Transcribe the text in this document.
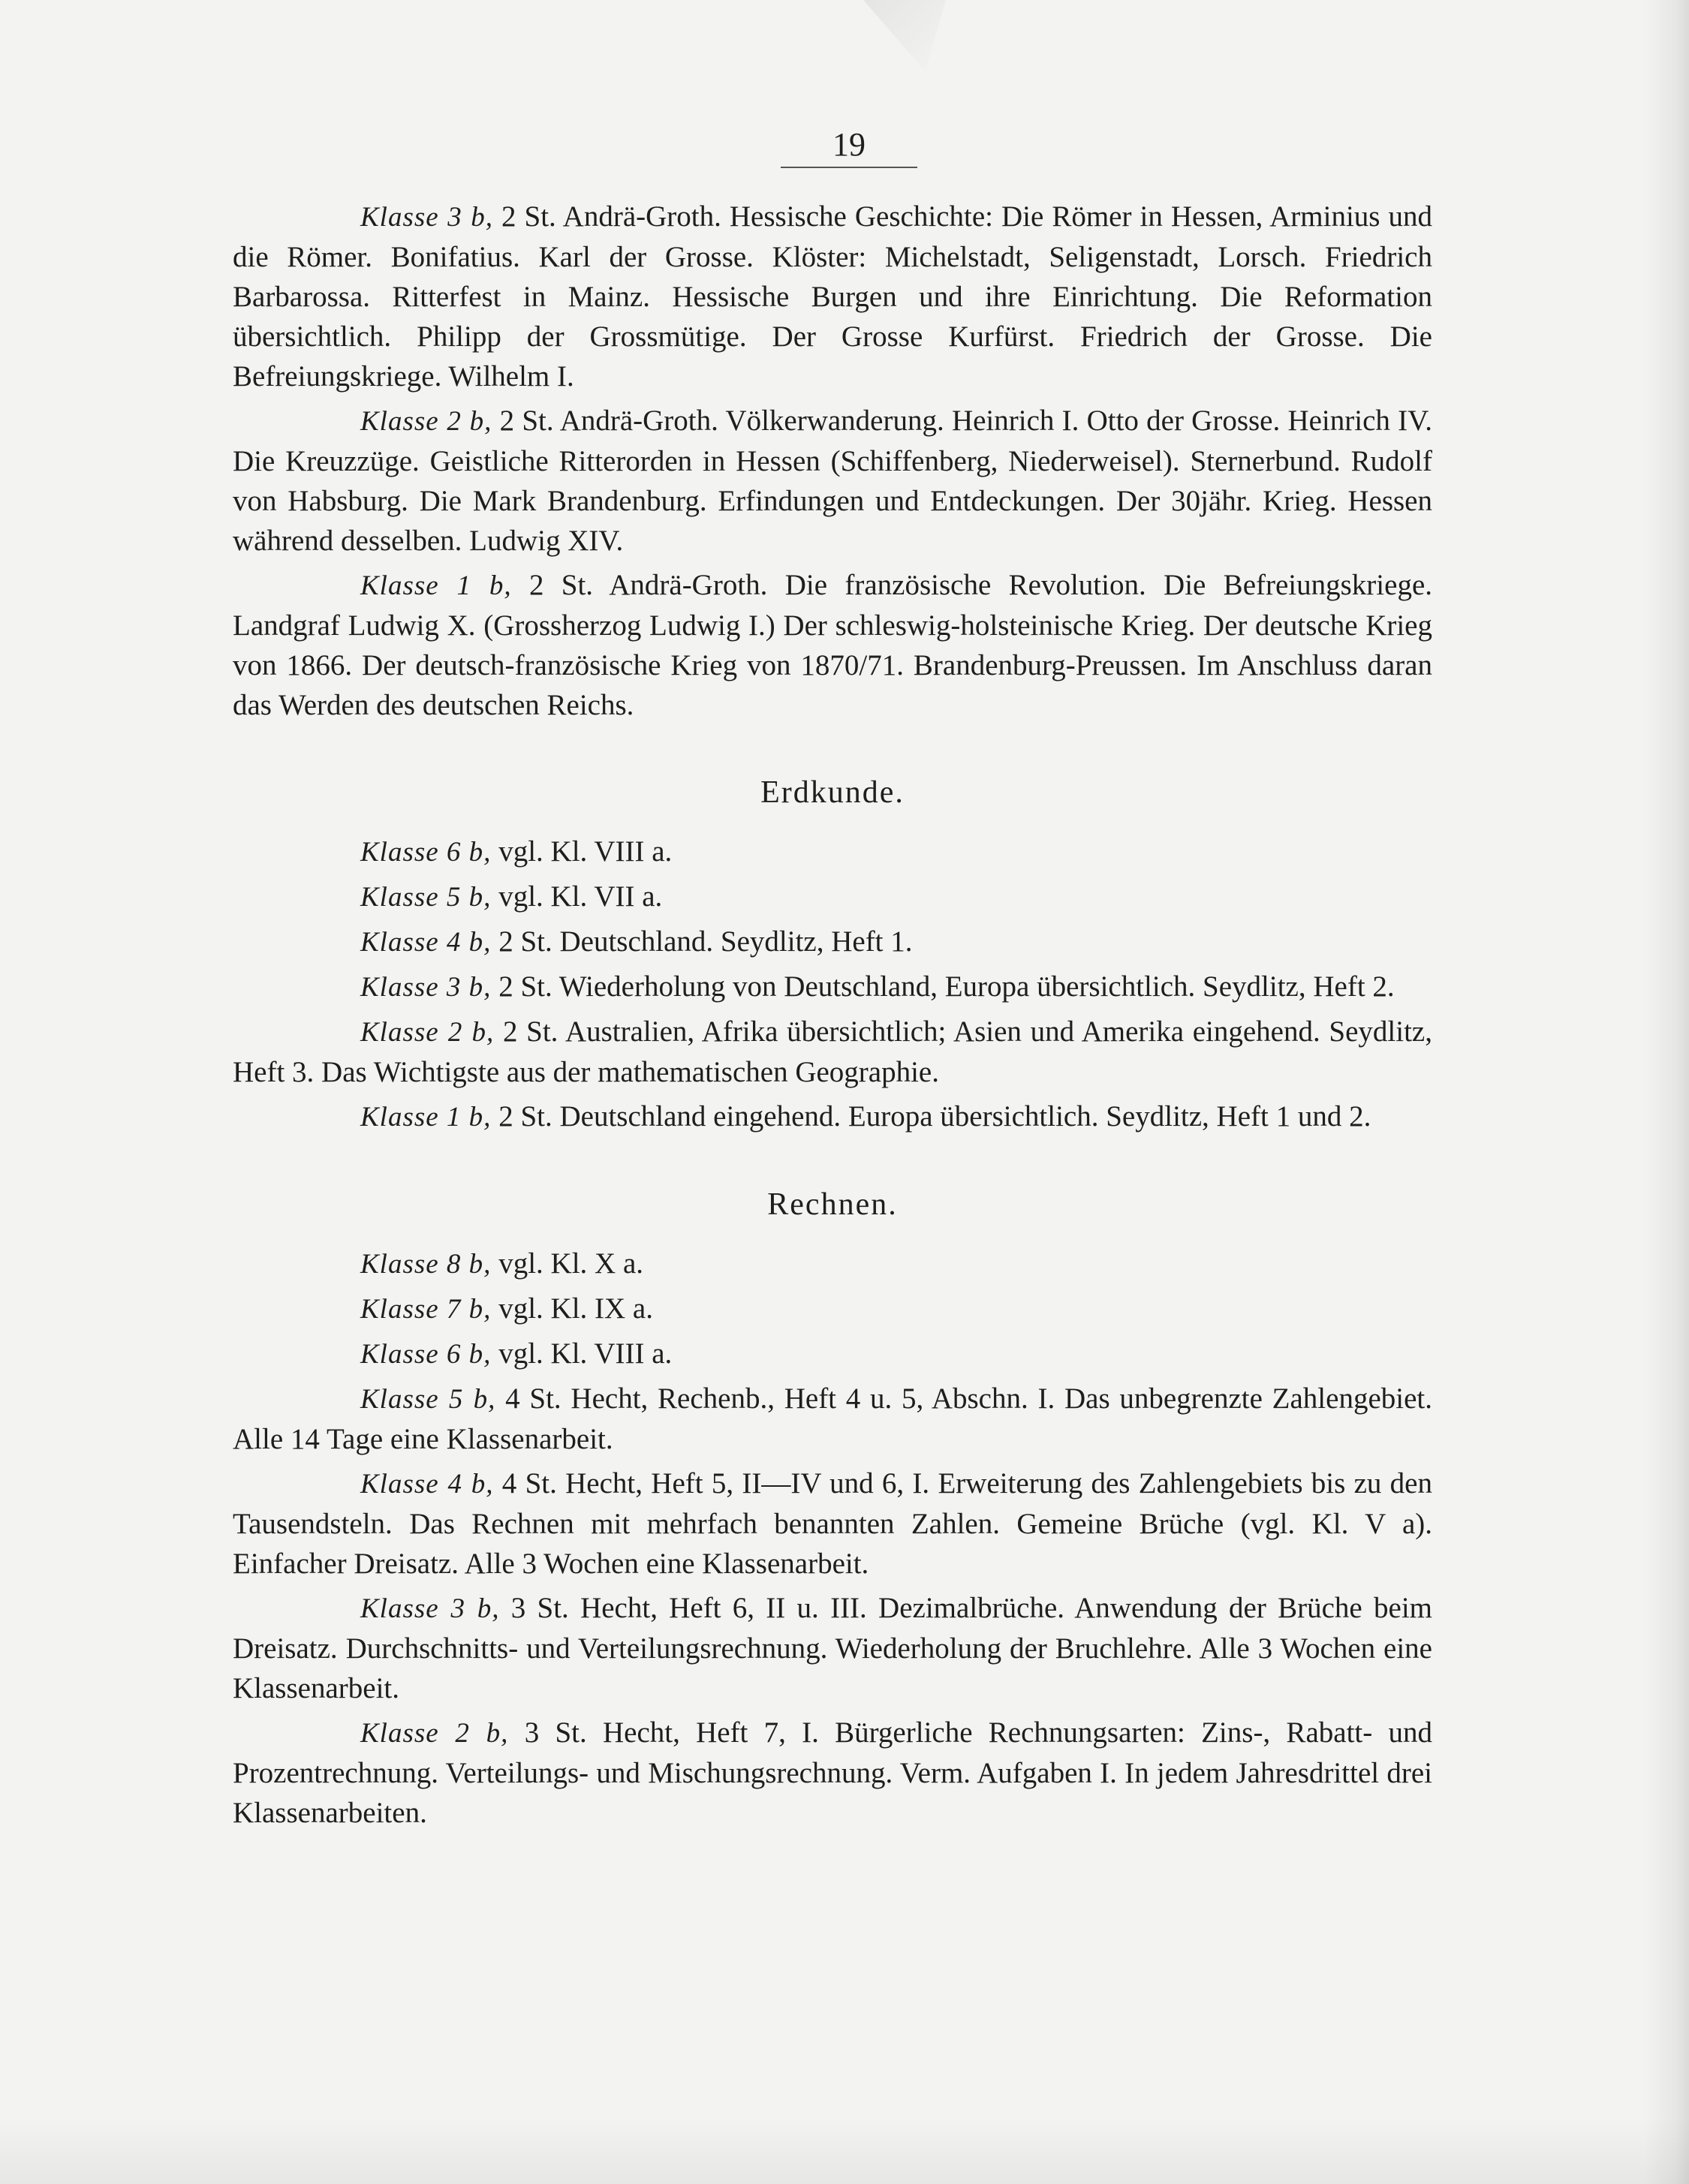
19

Klasse 3 b, 2 St. Andrä-Groth. Hessische Geschichte: Die Römer in Hessen, Arminius und die Römer. Bonifatius. Karl der Grosse. Klöster: Michelstadt, Seligenstadt, Lorsch. Friedrich Barbarossa. Ritterfest in Mainz. Hessische Burgen und ihre Einrichtung. Die Reformation übersichtlich. Philipp der Grossmütige. Der Grosse Kurfürst. Friedrich der Grosse. Die Befreiungskriege. Wilhelm I.

Klasse 2 b, 2 St. Andrä-Groth. Völkerwanderung. Heinrich I. Otto der Grosse. Heinrich IV. Die Kreuzzüge. Geistliche Ritterorden in Hessen (Schiffenberg, Niederweisel). Sternerbund. Rudolf von Habsburg. Die Mark Brandenburg. Erfindungen und Entdeckungen. Der 30jähr. Krieg. Hessen während desselben. Ludwig XIV.

Klasse 1 b, 2 St. Andrä-Groth. Die französische Revolution. Die Befreiungskriege. Landgraf Ludwig X. (Grossherzog Ludwig I.) Der schleswig-holsteinische Krieg. Der deutsche Krieg von 1866. Der deutsch-französische Krieg von 1870/71. Brandenburg-Preussen. Im Anschluss daran das Werden des deutschen Reichs.

Erdkunde.

Klasse 6 b, vgl. Kl. VIII a.

Klasse 5 b, vgl. Kl. VII a.

Klasse 4 b, 2 St. Deutschland. Seydlitz, Heft 1.

Klasse 3 b, 2 St. Wiederholung von Deutschland, Europa übersichtlich. Seydlitz, Heft 2.

Klasse 2 b, 2 St. Australien, Afrika übersichtlich; Asien und Amerika eingehend. Seydlitz, Heft 3. Das Wichtigste aus der mathematischen Geographie.

Klasse 1 b, 2 St. Deutschland eingehend. Europa übersichtlich. Seydlitz, Heft 1 und 2.

Rechnen.

Klasse 8 b, vgl. Kl. X a.

Klasse 7 b, vgl. Kl. IX a.

Klasse 6 b, vgl. Kl. VIII a.

Klasse 5 b, 4 St. Hecht, Rechenb., Heft 4 u. 5, Abschn. I. Das unbegrenzte Zahlengebiet. Alle 14 Tage eine Klassenarbeit.

Klasse 4 b, 4 St. Hecht, Heft 5, II—IV und 6, I. Erweiterung des Zahlengebiets bis zu den Tausendsteln. Das Rechnen mit mehrfach benannten Zahlen. Gemeine Brüche (vgl. Kl. V a). Einfacher Dreisatz. Alle 3 Wochen eine Klassenarbeit.

Klasse 3 b, 3 St. Hecht, Heft 6, II u. III. Dezimalbrüche. Anwendung der Brüche beim Dreisatz. Durchschnitts- und Verteilungsrechnung. Wiederholung der Bruchlehre. Alle 3 Wochen eine Klassenarbeit.

Klasse 2 b, 3 St. Hecht, Heft 7, I. Bürgerliche Rechnungsarten: Zins-, Rabatt- und Prozentrechnung. Verteilungs- und Mischungsrechnung. Verm. Aufgaben I. In jedem Jahresdrittel drei Klassenarbeiten.
